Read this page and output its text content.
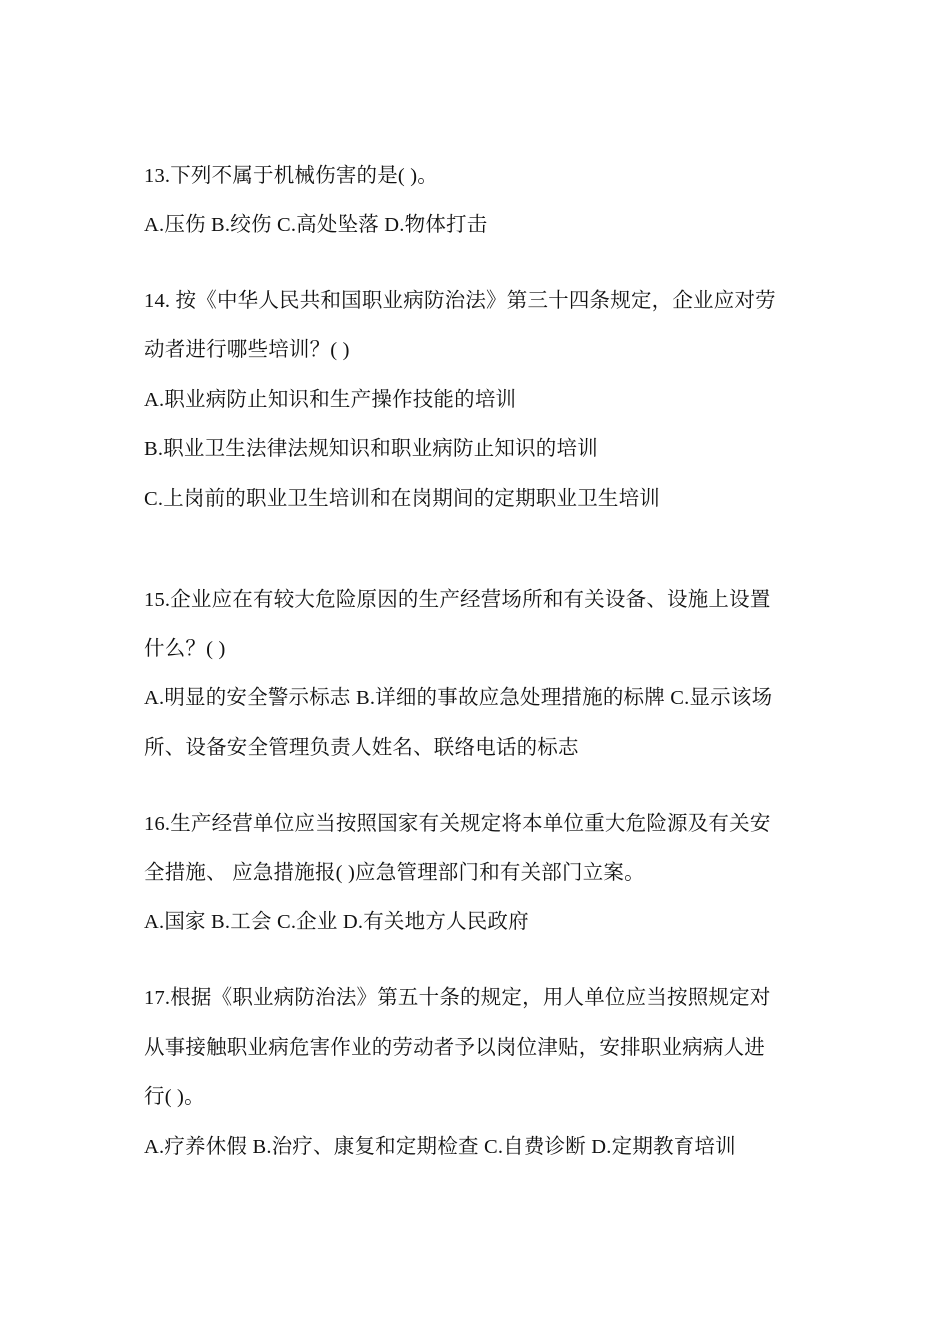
13.下列不属于机械伤害的是( )。
A.压伤 B.绞伤 C.高处坠落 D.物体打击
14. 按《中华人民共和国职业病防治法》第三十四条规定，企业应对劳
动者进行哪些培训？( )
A.职业病防止知识和生产操作技能的培训
B.职业卫生法律法规知识和职业病防止知识的培训
C.上岗前的职业卫生培训和在岗期间的定期职业卫生培训
15.企业应在有较大危险原因的生产经营场所和有关设备、设施上设置
什么？( )
A.明显的安全警示标志 B.详细的事故应急处理措施的标牌 C.显示该场
所、设备安全管理负责人姓名、联络电话的标志
16.生产经营单位应当按照国家有关规定将本单位重大危险源及有关安
全措施、 应急措施报( )应急管理部门和有关部门立案。
A.国家 B.工会 C.企业 D.有关地方人民政府
17.根据《职业病防治法》第五十条的规定，用人单位应当按照规定对
从事接触职业病危害作业的劳动者予以岗位津贴，安排职业病病人进
行( )。
A.疗养休假 B.治疗、康复和定期检查 C.自费诊断 D.定期教育培训
